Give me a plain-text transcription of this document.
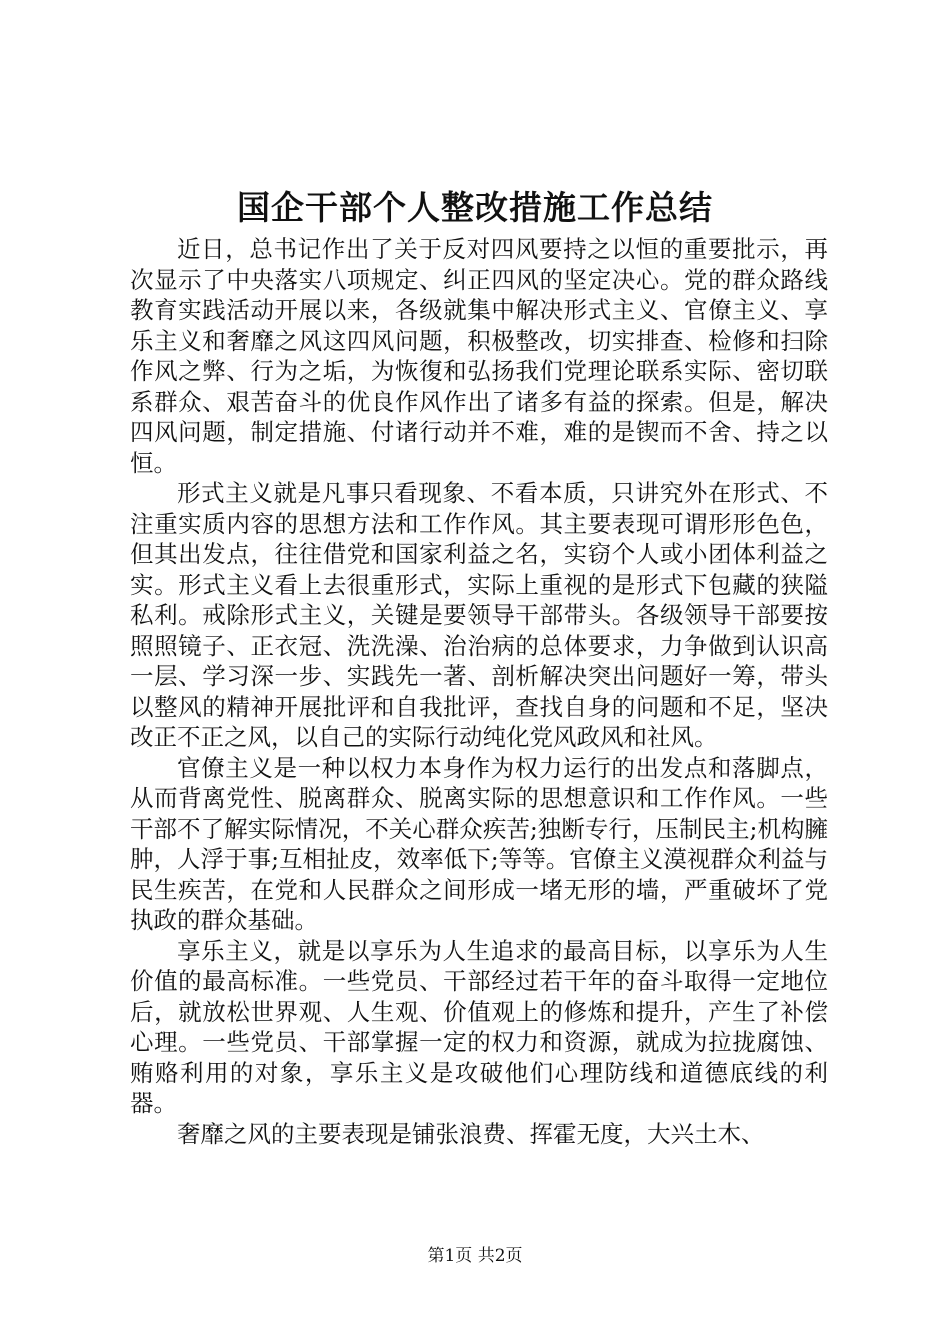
国企干部个人整改措施工作总结

近日，总书记作出了关于反对四风要持之以恒的重要批示，再次显示了中央落实八项规定、纠正四风的坚定决心。党的群众路线教育实践活动开展以来，各级就集中解决形式主义、官僚主义、享乐主义和奢靡之风这四风问题，积极整改，切实排查、检修和扫除作风之弊、行为之垢，为恢復和弘扬我们党理论联系实际、密切联系群众、艰苦奋斗的优良作风作出了诸多有益的探索。但是，解决四风问题，制定措施、付诸行动并不难，难的是锲而不舍、持之以恒。

形式主义就是凡事只看现象、不看本质，只讲究外在形式、不注重实质内容的思想方法和工作作风。其主要表现可谓形形色色，但其出发点，往往借党和国家利益之名，实窃个人或小团体利益之实。形式主义看上去很重形式，实际上重视的是形式下包藏的狭隘私利。戒除形式主义，关键是要领导干部带头。各级领导干部要按照照镜子、正衣冠、洗洗澡、治治病的总体要求，力争做到认识高一层、学习深一步、实践先一著、剖析解决突出问题好一筹，带头以整风的精神开展批评和自我批评，查找自身的问题和不足，坚决改正不正之风，以自己的实际行动纯化党风政风和社风。

官僚主义是一种以权力本身作为权力运行的出发点和落脚点，从而背离党性、脱离群众、脱离实际的思想意识和工作作风。一些干部不了解实际情况，不关心群众疾苦;独断专行，压制民主;机构臃肿，人浮于事;互相扯皮，效率低下;等等。官僚主义漠视群众利益与民生疾苦，在党和人民群众之间形成一堵无形的墙，严重破坏了党执政的群众基础。

享乐主义，就是以享乐为人生追求的最高目标，以享乐为人生价值的最高标准。一些党员、干部经过若干年的奋斗取得一定地位后，就放松世界观、人生观、价值观上的修炼和提升，产生了补偿心理。一些党员、干部掌握一定的权力和资源，就成为拉拢腐蚀、贿赂利用的对象，享乐主义是攻破他们心理防线和道德底线的利器。

奢靡之风的主要表现是铺张浪费、挥霍无度，大兴土木、

第1页 共2页
